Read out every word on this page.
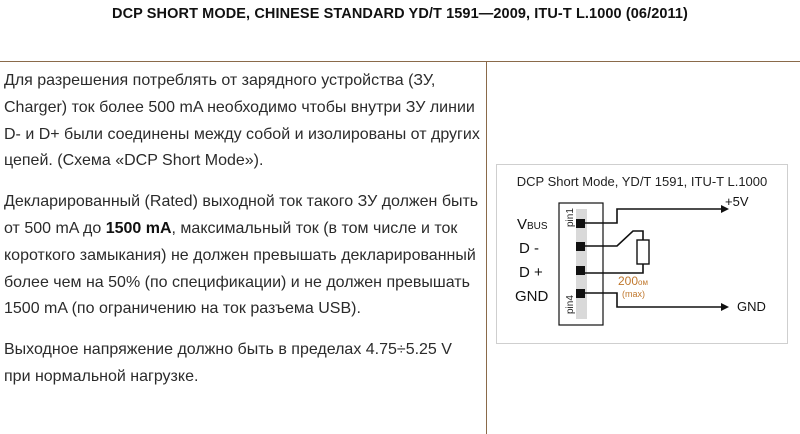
DCP SHORT MODE, CHINESE STANDARD YD/T 1591—2009, ITU-T L.1000 (06/2011)

Для разрешения потреблять от зарядного устройства (ЗУ, Charger) ток более 500 mA необходимо чтобы внутри ЗУ линии D- и D+ были соединены между собой и изолированы от других цепей. (Схема «DCP Short Mode»).

Декларированный (Rated) выходной ток такого ЗУ должен быть от 500 mA до 1500 mA, максимальный ток (в том числе и ток короткого замыкания) не должен превышать декларированный более чем на 50% (по спецификации) и не должен превышать 1500 mA (по ограничению на ток разъема USB).

Выходное напряжение должно быть в пределах 4.75÷5.25 V при нормальной нагрузке.

DCP Short Mode, YD/T 1591, ITU-T L.1000
pin1
pin4
VBUS
D -
D +
GND
+5V
GND
200ом
(max)
